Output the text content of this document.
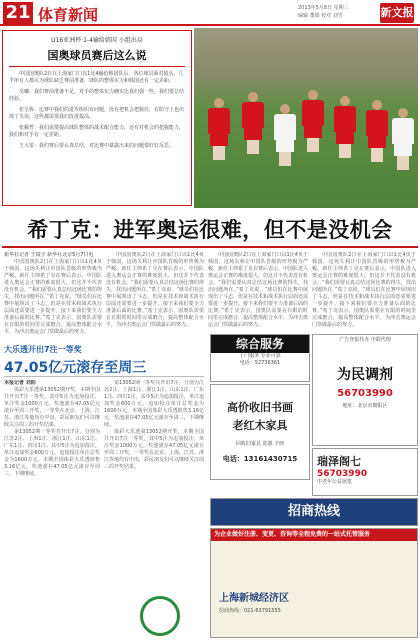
21 体育新闻	2013年5月8日 星期三
编辑 董娟 校对 刘雪	新文报
U16亚洲杯·1-4输给韩国 小组出局
国奥球员赛后这么说

中国国奥队2日在上海家门口以1比4输给韩国队后，各位球员面对镜头，几乎所有人都认为球队缺乏赛前准备，球队的整体实力和韩国还有一定差距。

吴曦：我们赛前准备不足，对手的整体实力确实比我们强一些，我们要总结经验。

张呈栋：比赛中我们的进攻组织有问题，没有把机会把握住，在防守上也出现了失误，这些都需要我们改进提高。

张稀哲：我们需要提高球队整体的战术配合能力，还有对机会的把握能力，我们和对手有一定差距。

王大雷：我们赛后要认真总结，对比赛中暴露出来的问题要好好反思。

希丁克：进军奥运很难，但不是没机会
新华社记者 王镜宇 新华社北京5月7日电

中国国奥队2日在上海家门口以1比4负于韩国，这场失利让中国队晋级的形势极为严峻。新任主帅希丁克在赛后表示，中国队进入奥运会正赛的难度很大，但这并不代表没有机会。“我们需要认真总结这场比赛的得失，找出问题所在，”希丁克说，“球员们在比赛中展现出了斗志，但是在技术和战术执行层面还需要进一步提升。接下来我们要全力准备后面的比赛。”希丁克表示，国奥队需要在有限的时间里完成磨合，提高整体配合水平，为冲击奥运会门票做最后的努力。

中国国奥队2日在上海家门口以1比4负于韩国，这场失利让中国队晋级的形势极为严峻。新任主帅希丁克在赛后表示，中国队进入奥运会正赛的难度很大，但这并不代表没有机会。“我们需要认真总结这场比赛的得失，找出问题所在，”希丁克说，“球员们在比赛中展现出了斗志，但是在技术和战术执行层面还需要进一步提升。接下来我们要全力准备后面的比赛。”希丁克表示，国奥队需要在有限的时间里完成磨合，提高整体配合水平，为冲击奥运会门票做最后的努力。

中国国奥队2日在上海家门口以1比4负于韩国，这场失利让中国队晋级的形势极为严峻。新任主帅希丁克在赛后表示，中国队进入奥运会正赛的难度很大，但这并不代表没有机会。“我们需要认真总结这场比赛的得失，找出问题所在，”希丁克说，“球员们在比赛中展现出了斗志，但是在技术和战术执行层面还需要进一步提升。接下来我们要全力准备后面的比赛。”希丁克表示，国奥队需要在有限的时间里完成磨合，提高整体配合水平，为冲击奥运会门票做最后的努力。

中国国奥队2日在上海家门口以1比4负于韩国，这场失利让中国队晋级的形势极为严峻。新任主帅希丁克在赛后表示，中国队进入奥运会正赛的难度很大，但这并不代表没有机会。“我们需要认真总结这场比赛的得失，找出问题所在，”希丁克说，“球员们在比赛中展现出了斗志，但是在技术和战术执行层面还需要进一步提升。接下来我们要全力准备后面的比赛。”希丁克表示，国奥队需要在有限的时间里完成磨合，提高整体配合水平，为冲击奥运会门票做最后的努力。

大乐透开出7注一等奖
47.05亿元滚存至周三
本报记者 刘阳

体彩大乐透第13052期开奖，本期全国共开出7注一等奖，其中5注为追加投注，单注奖金1000万元。奖池滚存47.05亿元滚存至周三开奖，一等奖在北京、上海、江苏、浙江等地均有中出，彩民朋友们可以继续关注周三的开奖结果。

第13052期一等奖共开出7注，分别为江苏2注、上海1注、浙江1注、山东1注、广东1注、四川1注。其中5注为追加投注，单注追加奖金600万元，追加投注单注总奖金为1600万元。本期全国体彩大乐透销售3.16亿元，奖池滚存47.05亿元滚存至周三，下期继续。

第13052期一等奖共开出7注，分别为江苏2注、上海1注、浙江1注、山东1注、广东1注、四川1注。其中5注为追加投注，单注追加奖金600万元，追加投注单注总奖金为1600万元。本期全国体彩大乐透销售3.16亿元，奖池滚存47.05亿元滚存至周三，下期继续。

体彩大乐透第13052期开奖，本期全国共开出7注一等奖，其中5注为追加投注，单注奖金1000万元。奖池滚存47.05亿元滚存至周三开奖，一等奖在北京、上海、江苏、浙江等地均有中出，彩民朋友们可以继续关注周三的开奖结果。

综合服务
上门服务 专业可靠
电话：52736361
广告登报代办 中联代理
为民调剂
56703990
地址：北京市朝阳区
高价收旧书画
老红木家具
回收旧家具 瓷器 字画
电话：13161430715	瑞泽阁七
56703990
中老年公益展览
招商热线
为企业做好注册、变更、咨询等全程免费的一站式托管服务
上海新城经济区
招商热线：021-63791555
